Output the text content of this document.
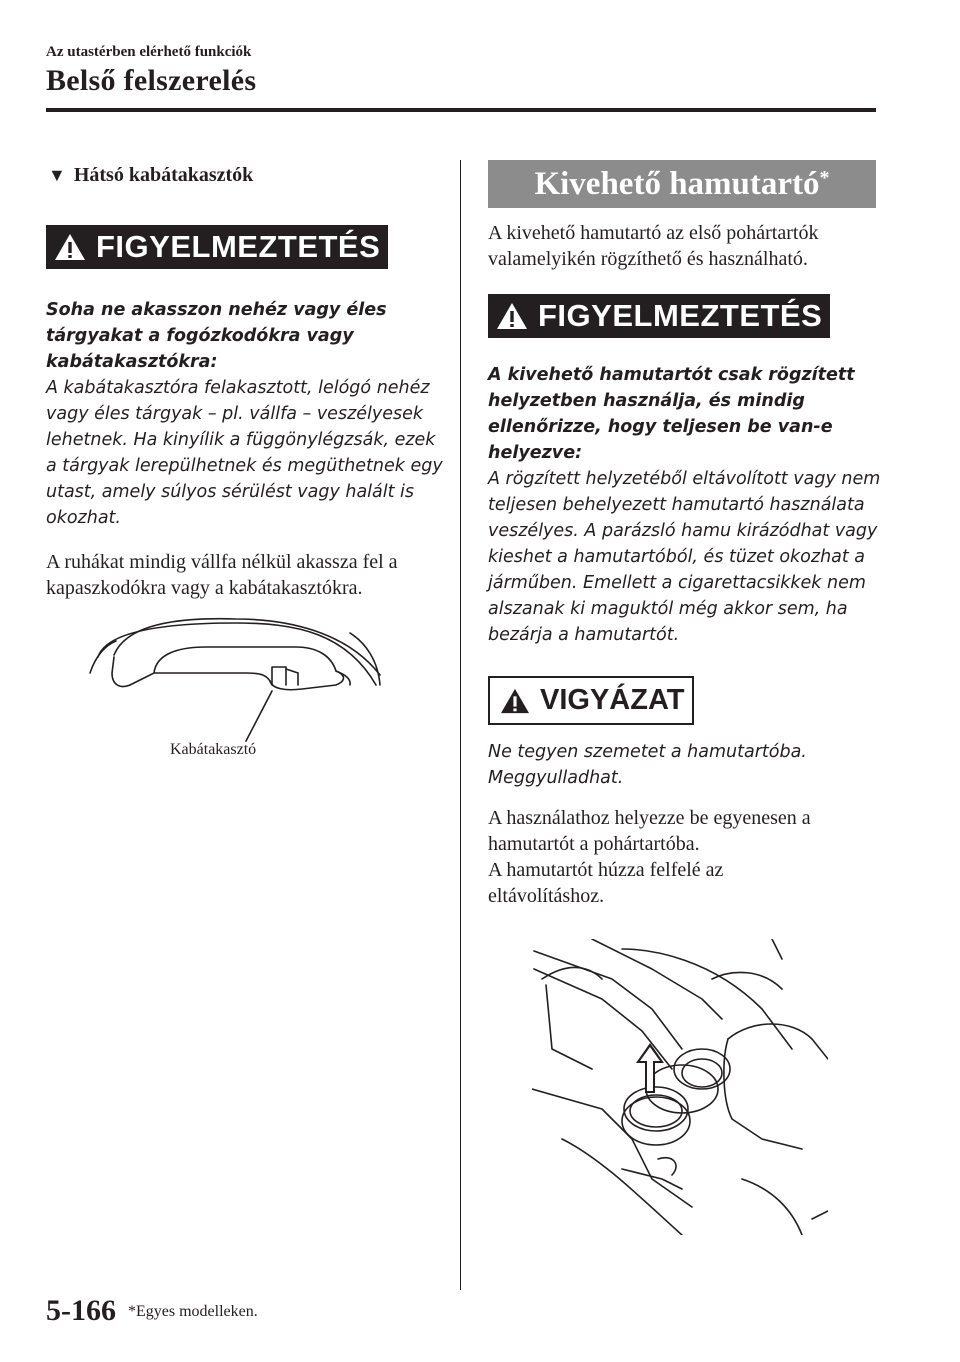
Az utastérben elérhető funkciók
Belső felszerelés
▼ Hátsó kabátakasztók
FIGYELMEZTETÉS

Soha ne akasszon nehéz vagy éles tárgyakat a fogózkodókra vagy kabátakasztókra:
A kabátakasztóra felakasztott, lelógó nehéz vagy éles tárgyak – pl. vállfa – veszélyesek lehetnek. Ha kinyílik a függönylégzsák, ezek a tárgyak lerepülhetnek és megüthetnek egy utast, amely súlyos sérülést vagy halált is okozhat.

A ruhákat mindig vállfa nélkül akassza fel a kapaszkodókra vagy a kabátakasztókra.

Kabátakasztó
Kivehető hamutartó*

A kivehető hamutartó az első pohártartók valamelyikén rögzíthető és használható.

FIGYELMEZTETÉS

A kivehető hamutartót csak rögzített helyzetben használja, és mindig ellenőrizze, hogy teljesen be van-e helyezve:
A rögzített helyzetéből eltávolított vagy nem teljesen behelyezett hamutartó használata veszélyes. A parázsló hamu kirázódhat vagy kieshet a hamutartóból, és tüzet okozhat a járműben. Emellett a cigarettacsikkek nem alszanak ki maguktól még akkor sem, ha bezárja a hamutartót.

VIGYÁZAT

Ne tegyen szemetet a hamutartóba. Meggyulladhat.

A használathoz helyezze be egyenesen a hamutartót a pohártartóba.

A hamutartót húzza felfelé az eltávolításhoz.

5-166 *Egyes modelleken.
